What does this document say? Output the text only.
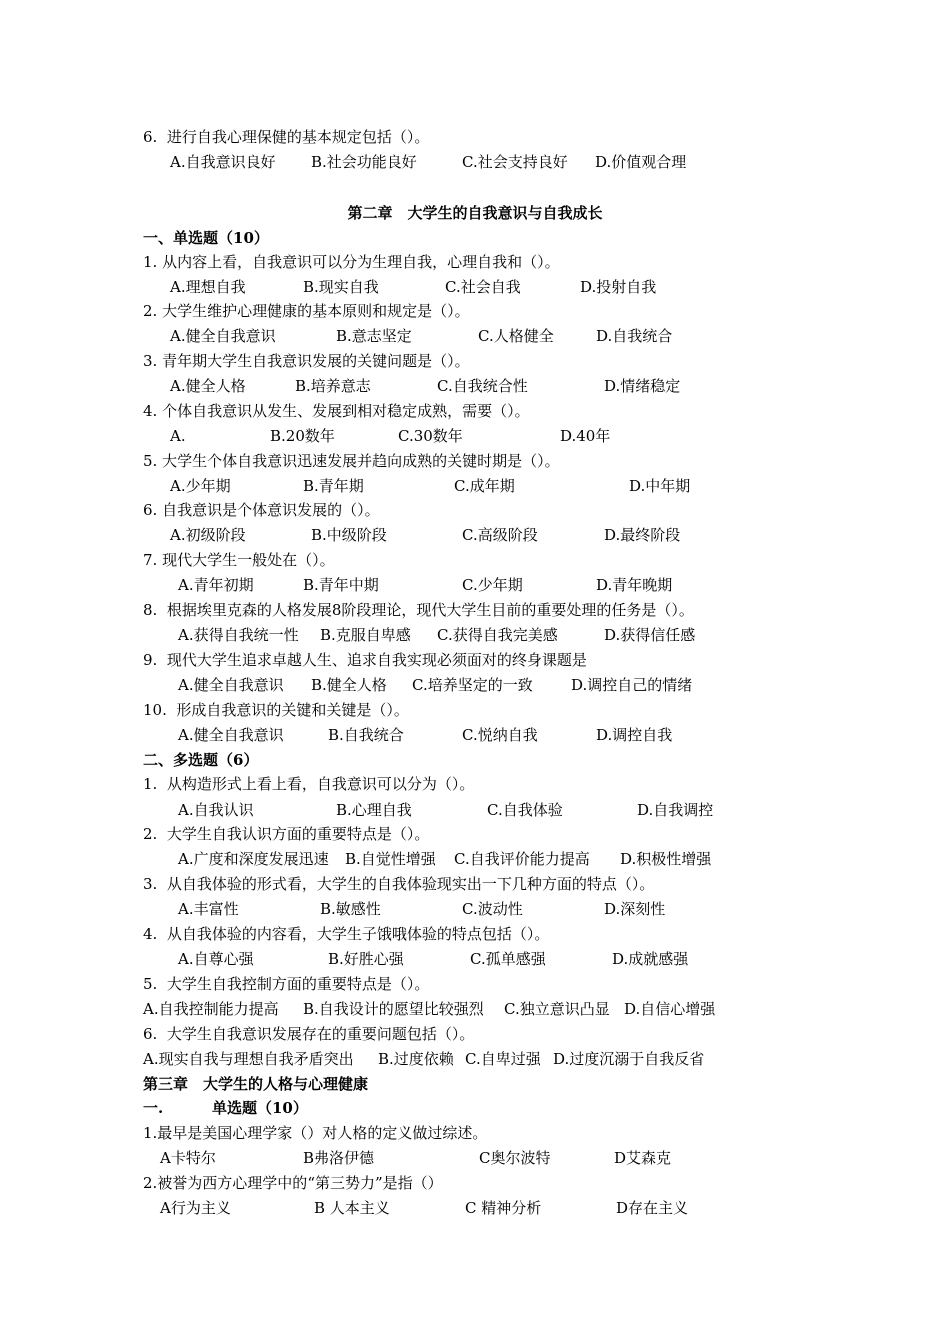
6.  进行自我心理保健的基本规定包括（）。
A.自我意识良好 B.社会功能良好	C.社会支持良好 D.价值观合理
第二章　大学生的自我意识与自我成长
一、单选题（10）
1. 从内容上看，自我意识可以分为生理自我，心理自我和（）。
A.理想自我	B.现实自我	C.社会自我	D.投射自我
2. 大学生维护心理健康的基本原则和规定是（）。
A.健全自我意识	B.意志坚定	C.人格健全	D.自我统合
3. 青年期大学生自我意识发展的关键问题是（）。
A.健全人格	B.培养意志	C.自我统合性	D.情绪稳定
4. 个体自我意识从发生、发展到相对稳定成熟，需要（）。
A.	B.20数年	C.30数年	D.40年
5. 大学生个体自我意识迅速发展并趋向成熟的关键时期是（）。
A.少年期	B.青年期	C.成年期	D.中年期
6. 自我意识是个体意识发展的（）。
A.初级阶段	B.中级阶段	C.高级阶段	D.最终阶段
7. 现代大学生一般处在（）。
A.青年初期	B.青年中期	C.少年期	D.青年晚期
8.  根据埃里克森的人格发展8阶段理论，现代大学生目前的重要处理的任务是（）。
A.获得自我统一性 B.克服自卑感 C.获得自我完美感	D.获得信任感
9.  现代大学生追求卓越人生、追求自我实现必须面对的终身课题是
A.健全自我意识 B.健全人格 C.培养坚定的一致	D.调控自己的情绪
10.  形成自我意识的关键和关键是（）。
A.健全自我意识	B.自我统合	C.悦纳自我	D.调控自我
二、多选题（6）
1.  从构造形式上看上看，自我意识可以分为（）。
A.自我认识	B.心理自我	C.自我体验	D.自我调控
2.  大学生自我认识方面的重要特点是（）。
A.广度和深度发展迅速 B.自觉性增强 C.自我评价能力提高 D.积极性增强
3.  从自我体验的形式看，大学生的自我体验现实出一下几种方面的特点（）。
A.丰富性	B.敏感性	C.波动性	D.深刻性
4.  从自我体验的内容看，大学生子饿哦体验的特点包括（）。
A.自尊心强	B.好胜心强	C.孤单感强	D.成就感强
5.  大学生自我控制方面的重要特点是（）。
A.自我控制能力提高 B.自我设计的愿望比较强烈 C.独立意识凸显 D.自信心增强
6.  大学生自我意识发展存在的重要问题包括（）。
A.现实自我与理想自我矛盾突出 B.过度依赖 C.自卑过强 D.过度沉溺于自我反省
第三章　大学生的人格与心理健康
一.	单选题（10）
1.最早是美国心理学家（）对人格的定义做过综述。
A卡特尔	B弗洛伊德	C奥尔波特	D艾森克
2.被誉为西方心理学中的“第三势力”是指（）
A行为主义	B 人本主义	C 精神分析	D存在主义
